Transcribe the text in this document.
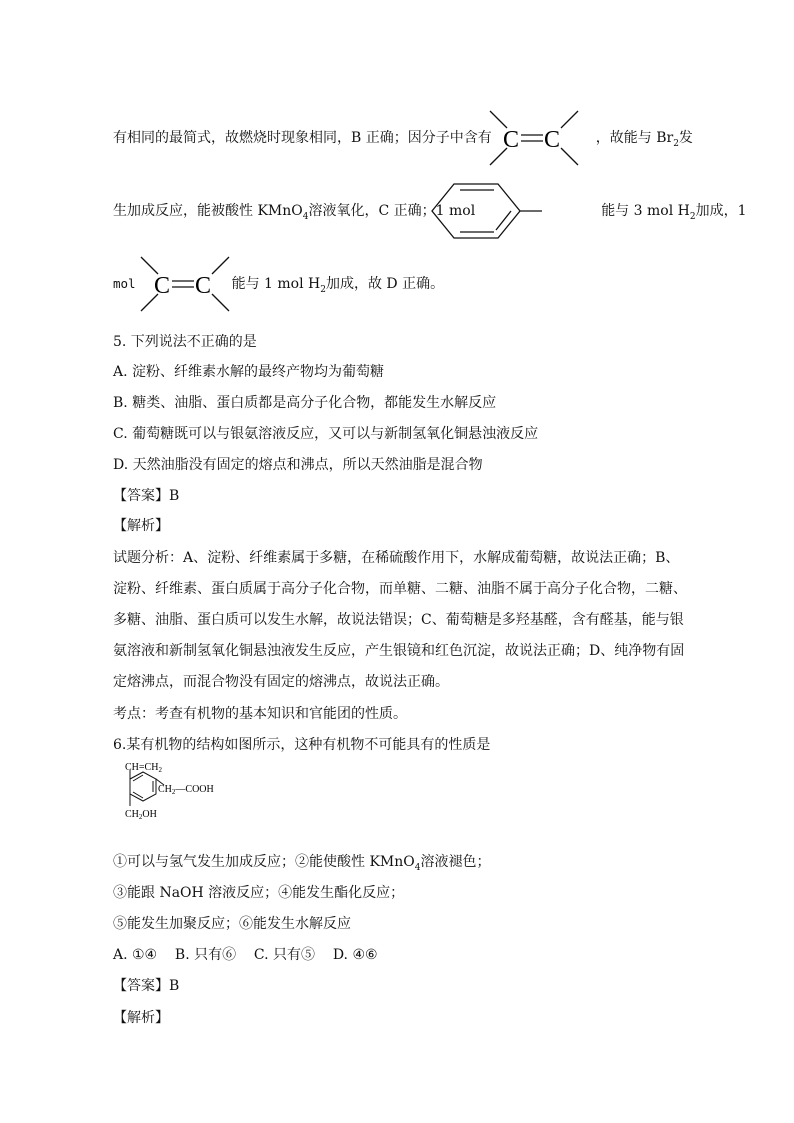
有相同的最简式，故燃烧时现象相同，B 正确；因分子中含有	，故能与 $Br_2$发
C C
生加成反应，能被酸性 KMnO$_4$溶液氧化，C 正确；1 mol	能与 3 mol $H_2$加成，1
mol	能与 1 mol $H_2$加成，故 D 正确。
C C
5. 下列说法不正确的是
A. 淀粉、纤维素水解的最终产物均为葡萄糖
B. 糖类、油脂、蛋白质都是高分子化合物，都能发生水解反应
C. 葡萄糖既可以与银氨溶液反应，又可以与新制氢氧化铜悬浊液反应
D. 天然油脂没有固定的熔点和沸点，所以天然油脂是混合物
【答案】B
【解析】
试题分析：A、淀粉、纤维素属于多糖，在稀硫酸作用下，水解成葡萄糖，故说法正确；B、
淀粉、纤维素、蛋白质属于高分子化合物，而单糖、二糖、油脂不属于高分子化合物，二糖、
多糖、油脂、蛋白质可以发生水解，故说法错误；C、葡萄糖是多羟基醛，含有醛基，能与银
氨溶液和新制氢氧化铜悬浊液发生反应，产生银镜和红色沉淀，故说法正确；D、纯净物有固
定熔沸点，而混合物没有固定的熔沸点，故说法正确。
考点：考查有机物的基本知识和官能团的性质。
6.某有机物的结构如图所示，这种有机物不可能具有的性质是
$CH=CH_2$
$CH_2—COOH$
$CH_2OH$
①可以与氢气发生加成反应；②能使酸性 KMnO$_4$溶液褪色；
③能跟 NaOH 溶液反应；④能发生酯化反应；
⑤能发生加聚反应；⑥能发生水解反应
A. ①④    B. 只有⑥    C. 只有⑤    D. ④⑥
【答案】B
【解析】
